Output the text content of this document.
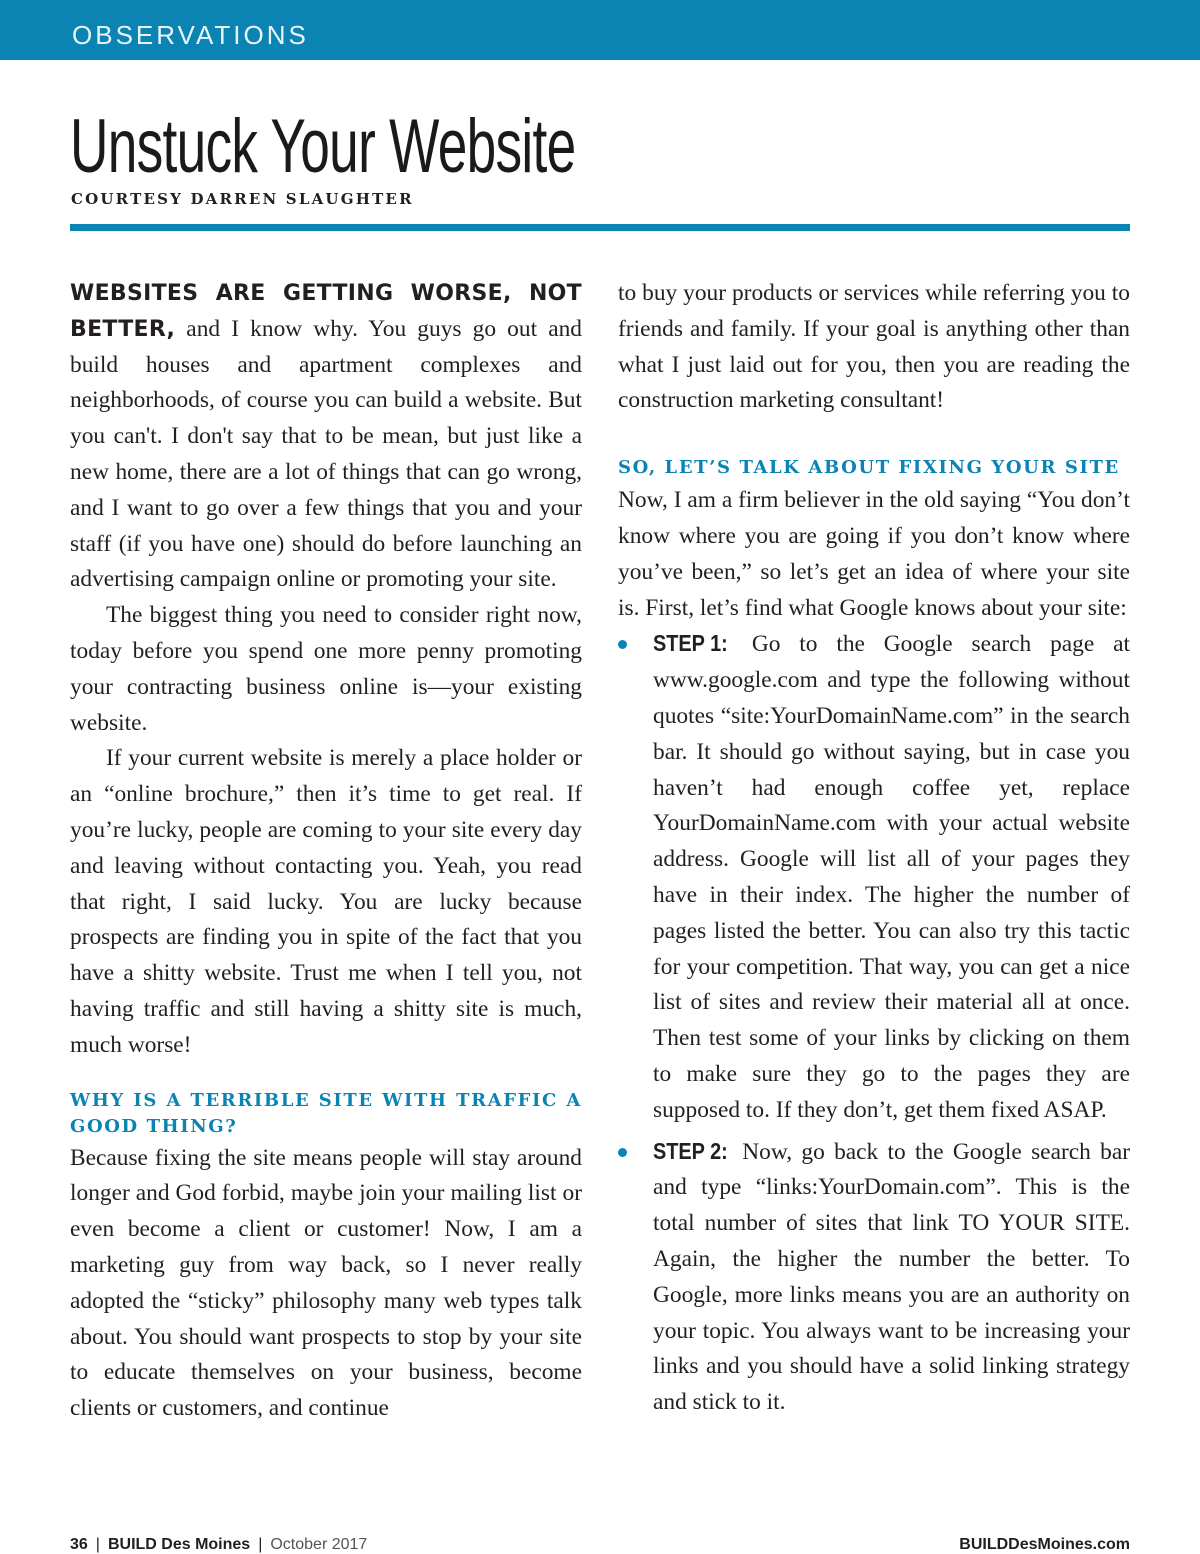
OBSERVATIONS
Unstuck Your Website
COURTESY DARREN SLAUGHTER

WEBSITES ARE GETTING WORSE, NOT BETTER, and I know why. You guys go out and build houses and apartment complexes and neighborhoods, of course you can build a website. But you can't. I don't say that to be mean, but just like a new home, there are a lot of things that can go wrong, and I want to go over a few things that you and your staff (if you have one) should do before launching an advertising campaign online or promoting your site.

The biggest thing you need to consider right now, today before you spend one more penny promoting your contracting business online is—your existing website.

If your current website is merely a place holder or an “online brochure,” then it’s time to get real. If you’re lucky, people are coming to your site every day and leaving without contacting you. Yeah, you read that right, I said lucky. You are lucky because prospects are finding you in spite of the fact that you have a shitty website. Trust me when I tell you, not having traffic and still having a shitty site is much, much worse!

WHY IS A TERRIBLE SITE WITH TRAFFIC A GOOD THING?

Because fixing the site means people will stay around longer and God forbid, maybe join your mailing list or even become a client or customer! Now, I am a marketing guy from way back, so I never really adopted the “sticky” philosophy many web types talk about. You should want prospects to stop by your site to educate themselves on your business, become clients or customers, and continue

to buy your products or services while referring you to friends and family. If your goal is anything other than what I just laid out for you, then you are reading the construction marketing consultant!

SO, LET’S TALK ABOUT FIXING YOUR SITE

Now, I am a firm believer in the old saying “You don’t know where you are going if you don’t know where you’ve been,” so let’s get an idea of where your site is. First, let’s find what Google knows about your site:

STEP 1: Go to the Google search page at www.google.com and type the following without quotes “site:YourDomainName.com” in the search bar. It should go without saying, but in case you haven’t had enough coffee yet, replace YourDomainName.com with your actual website address. Google will list all of your pages they have in their index. The higher the number of pages listed the better. You can also try this tactic for your competition. That way, you can get a nice list of sites and review their material all at once. Then test some of your links by clicking on them to make sure they go to the pages they are supposed to. If they don’t, get them fixed ASAP.
STEP 2: Now, go back to the Google search bar and type “links:YourDomain.com”. This is the total number of sites that link TO YOUR SITE. Again, the higher the number the better. To Google, more links means you are an authority on your topic. You always want to be increasing your links and you should have a solid linking strategy and stick to it.
36 | BUILD Des Moines | October 2017	BUILDDesMoines.com
